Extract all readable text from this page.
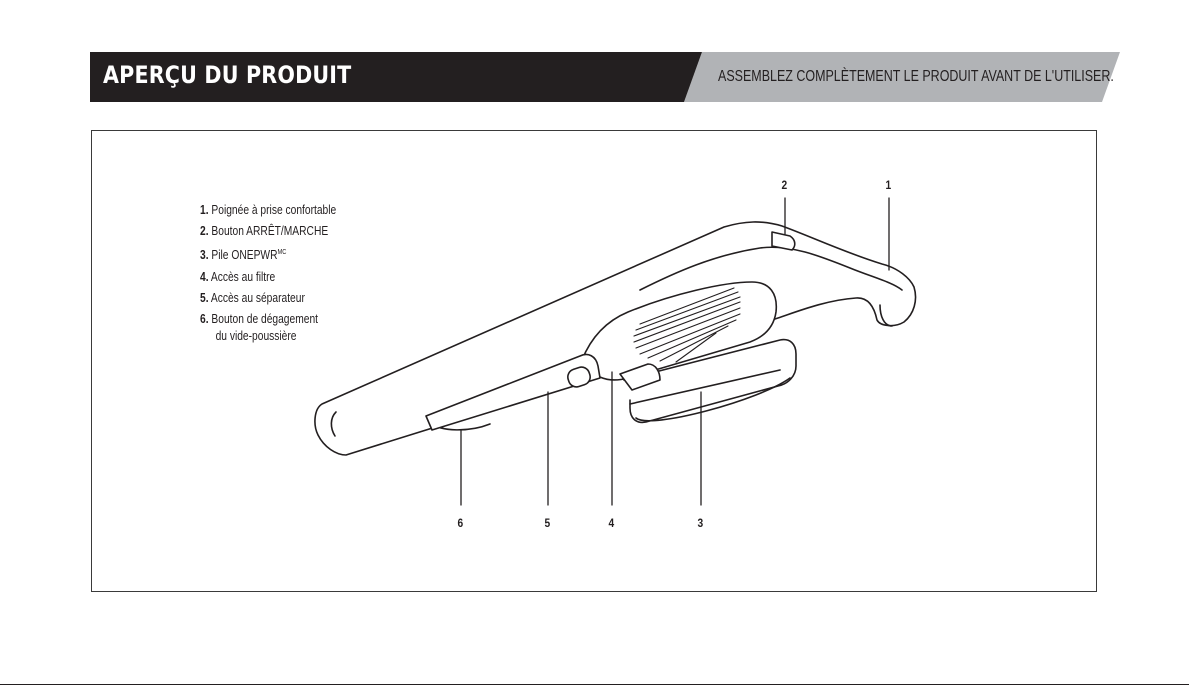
APERÇU DU PRODUIT	ASSEMBLEZ COMPLÈTEMENT LE PRODUIT AVANT DE L'UTILISER.
1. Poignée à prise confortable
2. Bouton ARRÊT/MARCHE
3. Pile $ONEPWR^{MC}$
4. Accès au filtre
5. Accès au séparateur
6. Bouton de dégagement
du vide-poussière
1
2
3
4
5
6
